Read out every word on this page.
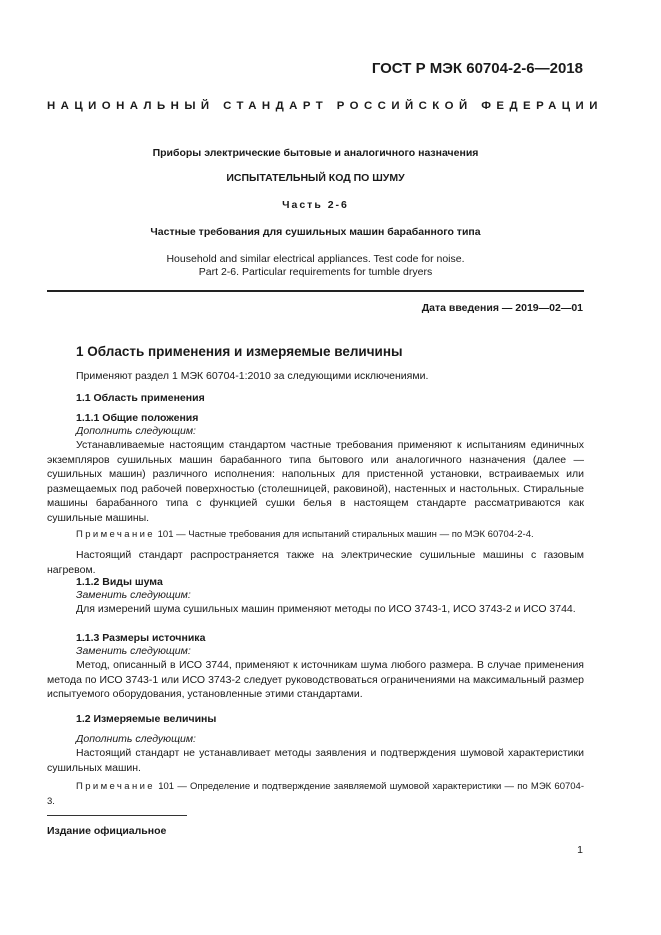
ГОСТ Р МЭК 60704-2-6—2018
НАЦИОНАЛЬНЫЙ СТАНДАРТ РОССИЙСКОЙ ФЕДЕРАЦИИ
Приборы электрические бытовые и аналогичного назначения
ИСПЫТАТЕЛЬНЫЙ КОД ПО ШУМУ
Часть 2-6
Частные требования для сушильных машин барабанного типа
Household and similar electrical appliances. Test code for noise.
Part 2-6. Particular requirements for tumble dryers
Дата введения — 2019—02—01
1 Область применения и измеряемые величины
Применяют раздел 1 МЭК 60704-1:2010 за следующими исключениями.
1.1 Область применения
1.1.1 Общие положения
Дополнить следующим:
Устанавливаемые настоящим стандартом частные требования применяют к испытаниям единичных экземпляров сушильных машин барабанного типа бытового или аналогичного назначения (далее — сушильных машин) различного исполнения: напольных для пристенной установки, встраиваемых или размещаемых под рабочей поверхностью (столешницей, раковиной), настенных и настольных. Стиральные машины барабанного типа с функцией сушки белья в настоящем стандарте рассматриваются как сушильные машины.
Примечание 101 — Частные требования для испытаний стиральных машин — по МЭК 60704-2-4.
Настоящий стандарт распространяется также на электрические сушильные машины с газовым нагревом.
1.1.2 Виды шума
Заменить следующим:
Для измерений шума сушильных машин применяют методы по ИСО 3743-1, ИСО 3743-2 и ИСО 3744.
1.1.3 Размеры источника
Заменить следующим:
Метод, описанный в ИСО 3744, применяют к источникам шума любого размера. В случае применения метода по ИСО 3743-1 или ИСО 3743-2 следует руководствоваться ограничениями на максимальный размер испытуемого оборудования, установленные этими стандартами.
1.2 Измеряемые величины
Дополнить следующим:
Настоящий стандарт не устанавливает методы заявления и подтверждения шумовой характеристики сушильных машин.
Примечание 101 — Определение и подтверждение заявляемой шумовой характеристики — по МЭК 60704-3.
Издание официальное
1
